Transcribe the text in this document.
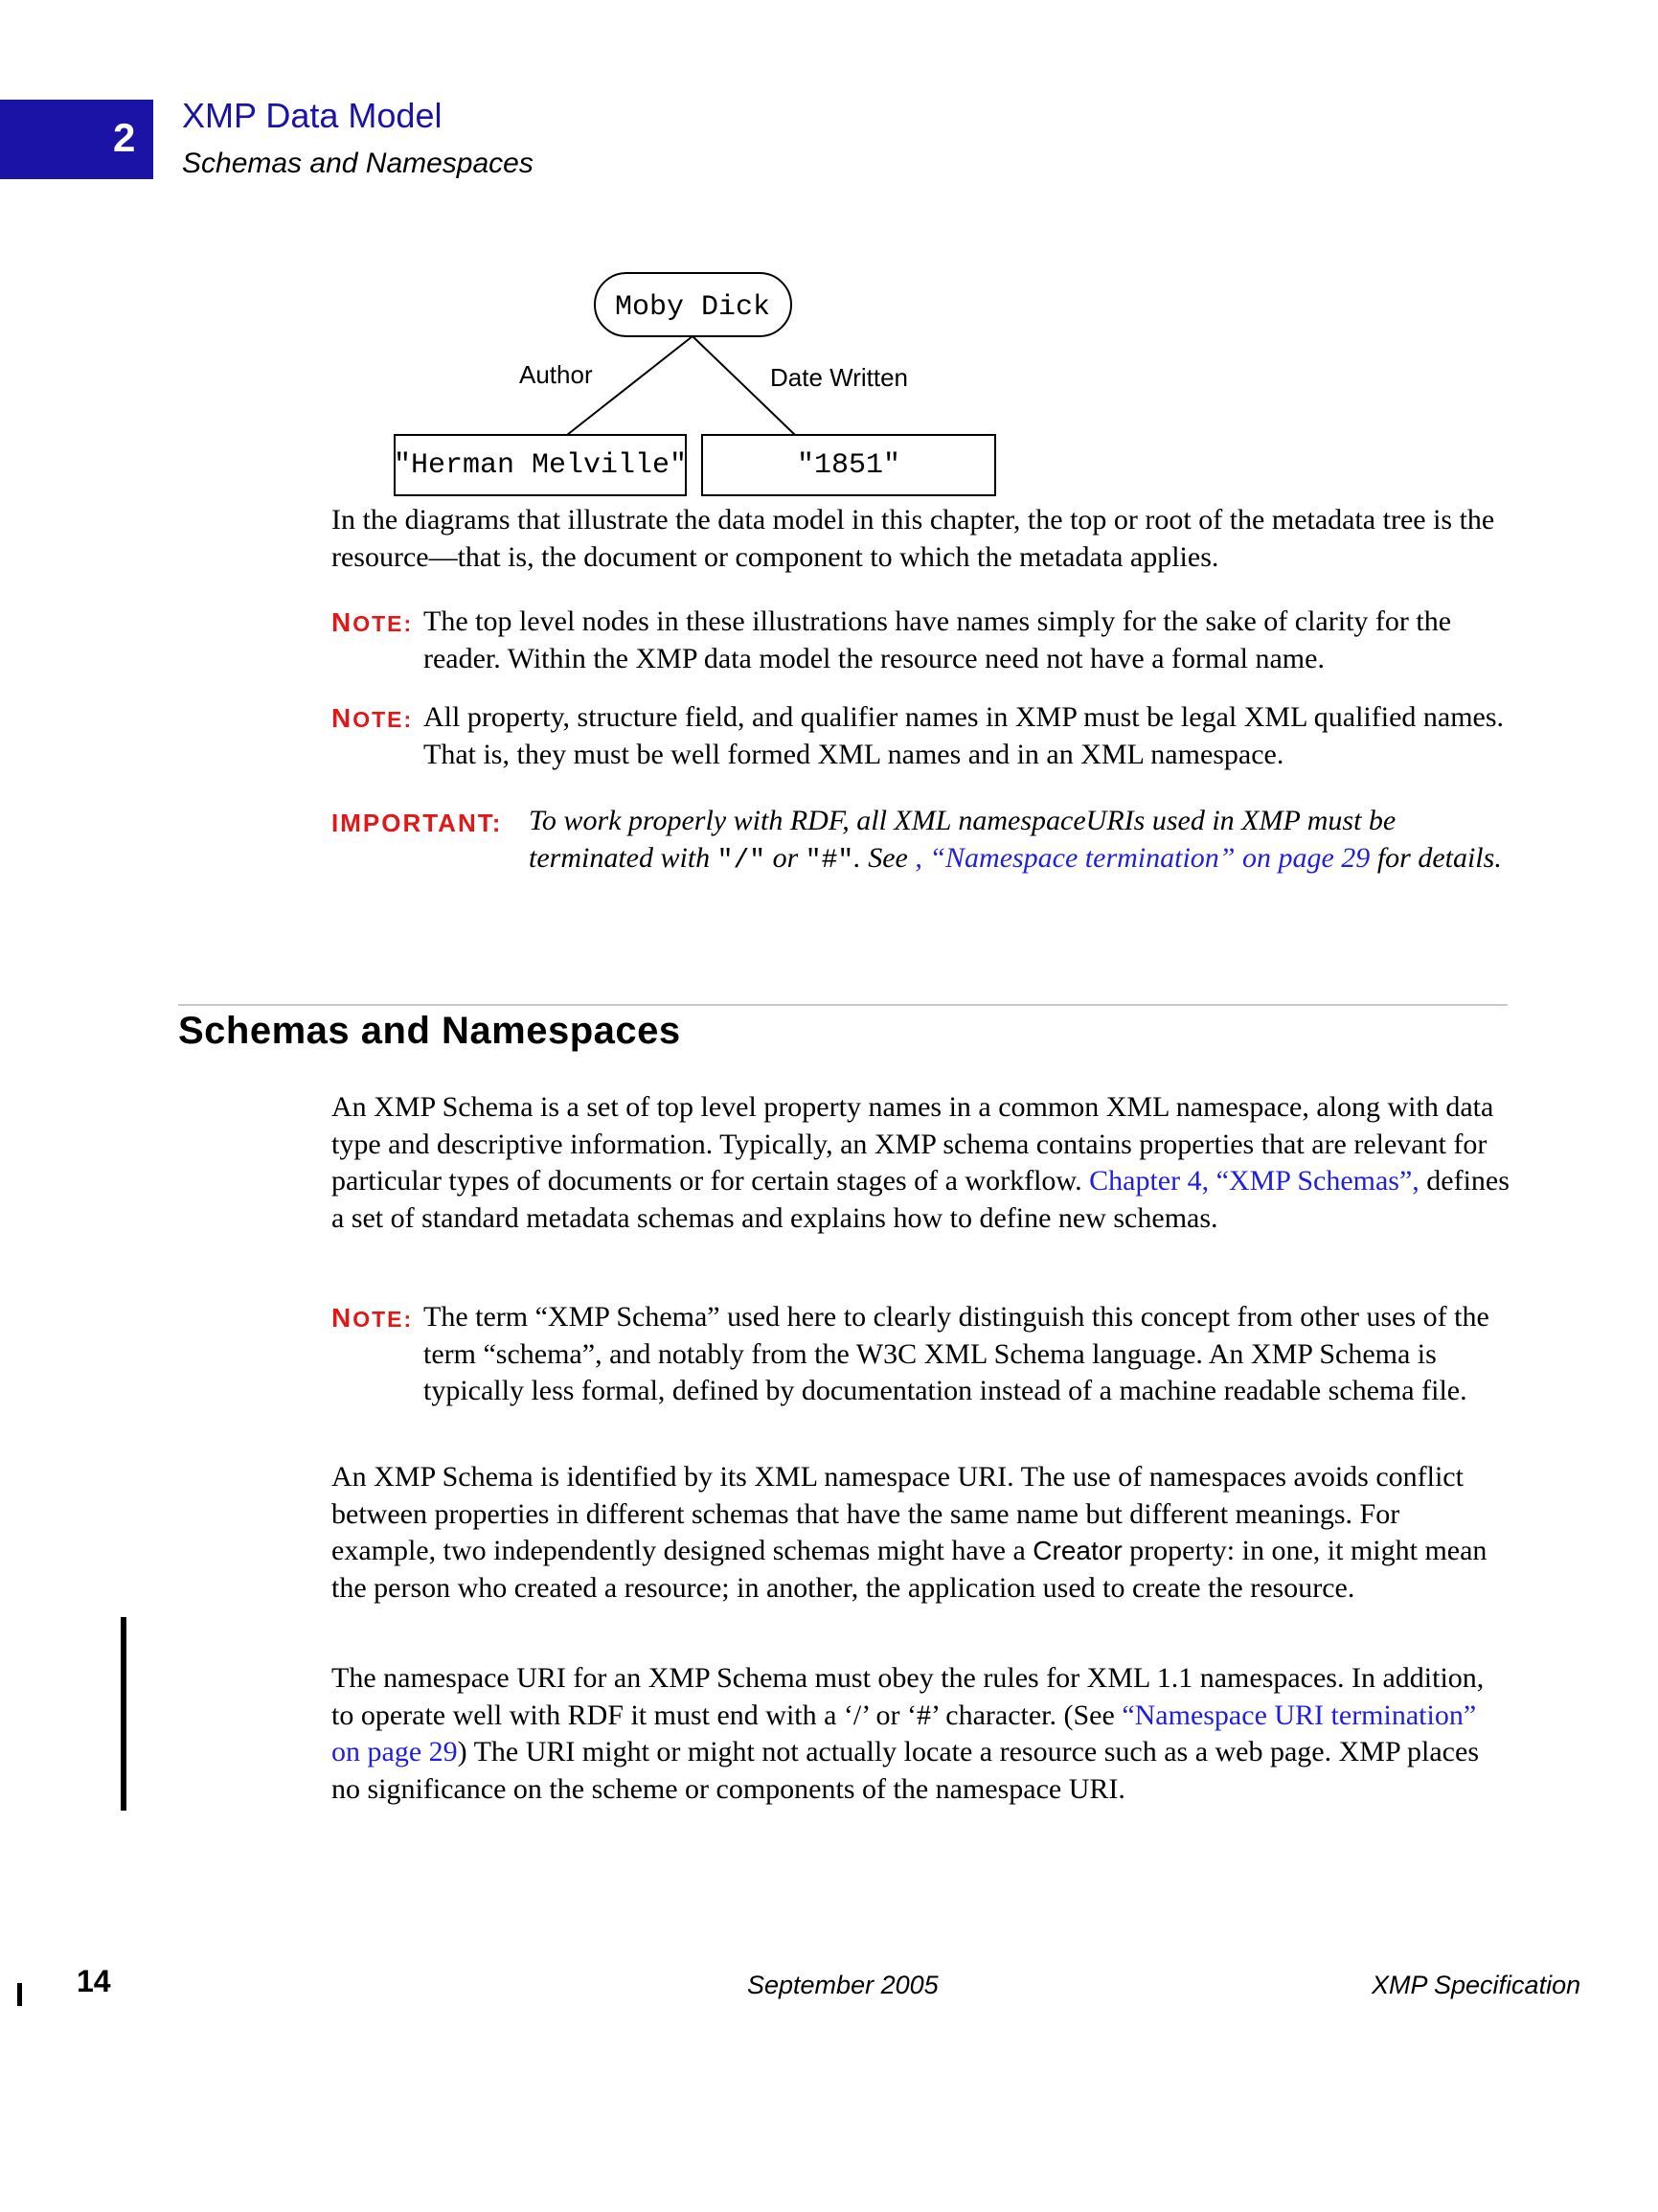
2 XMP Data Model
Schemas and Namespaces
Moby Dick
Author	Date Written
"Herman Melville"	"1851"

In the diagrams that illustrate the data model in this chapter, the top or root of the metadata tree is the resource—that is, the document or component to which the metadata applies.

NOTE: The top level nodes in these illustrations have names simply for the sake of clarity for the reader. Within the XMP data model the resource need not have a formal name.
NOTE: All property, structure field, and qualifier names in XMP must be legal XML qualified names. That is, they must be well formed XML names and in an XML namespace.
IMPORTANT: To work properly with RDF, all XML namespaceURIs used in XMP must be terminated with "/" or "#". See , “Namespace termination” on page 29 for details.
Schemas and Namespaces

An XMP Schema is a set of top level property names in a common XML namespace, along with data type and descriptive information. Typically, an XMP schema contains properties that are relevant for particular types of documents or for certain stages of a workflow. Chapter 4, “XMP Schemas”, defines a set of standard metadata schemas and explains how to define new schemas.

NOTE: The term “XMP Schema” used here to clearly distinguish this concept from other uses of the term “schema”, and notably from the W3C XML Schema language. An XMP Schema is typically less formal, defined by documentation instead of a machine readable schema file.

An XMP Schema is identified by its XML namespace URI. The use of namespaces avoids conflict between properties in different schemas that have the same name but different meanings. For example, two independently designed schemas might have a Creator property: in one, it might mean the person who created a resource; in another, the application used to create the resource.

The namespace URI for an XMP Schema must obey the rules for XML 1.1 namespaces. In addition, to operate well with RDF it must end with a ‘/’ or ‘#’ character. (See “Namespace URI termination” on page 29) The URI might or might not actually locate a resource such as a web page. XMP places no significance on the scheme or components of the namespace URI.

14	September 2005	XMP Specification
